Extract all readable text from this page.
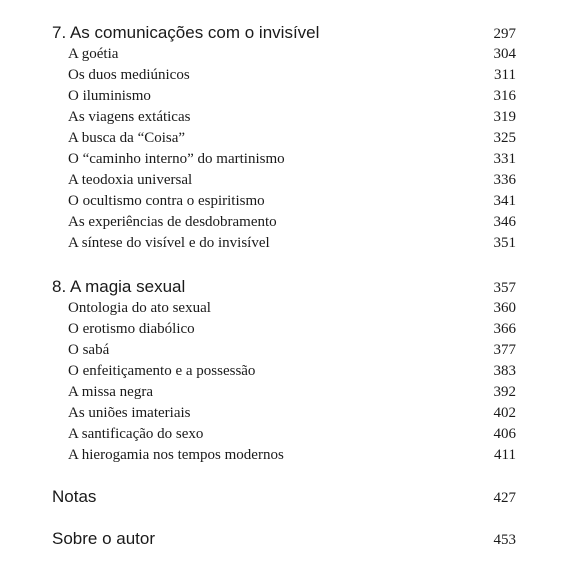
7. As comunicações com o invisível	297
A goétia	304
Os duos mediúnicos	311
O iluminismo	316
As viagens extáticas	319
A busca da “Coisa”	325
O “caminho interno” do martinismo	331
A teodoxia universal	336
O ocultismo contra o espiritismo	341
As experiências de desdobramento	346
A síntese do visível e do invisível	351
8. A magia sexual	357
Ontologia do ato sexual	360
O erotismo diabólico	366
O sabá	377
O enfeitiçamento e a possessão	383
A missa negra	392
As uniões imateriais	402
A santificação do sexo	406
A hierogamia nos tempos modernos	411
Notas	427
Sobre o autor	453
